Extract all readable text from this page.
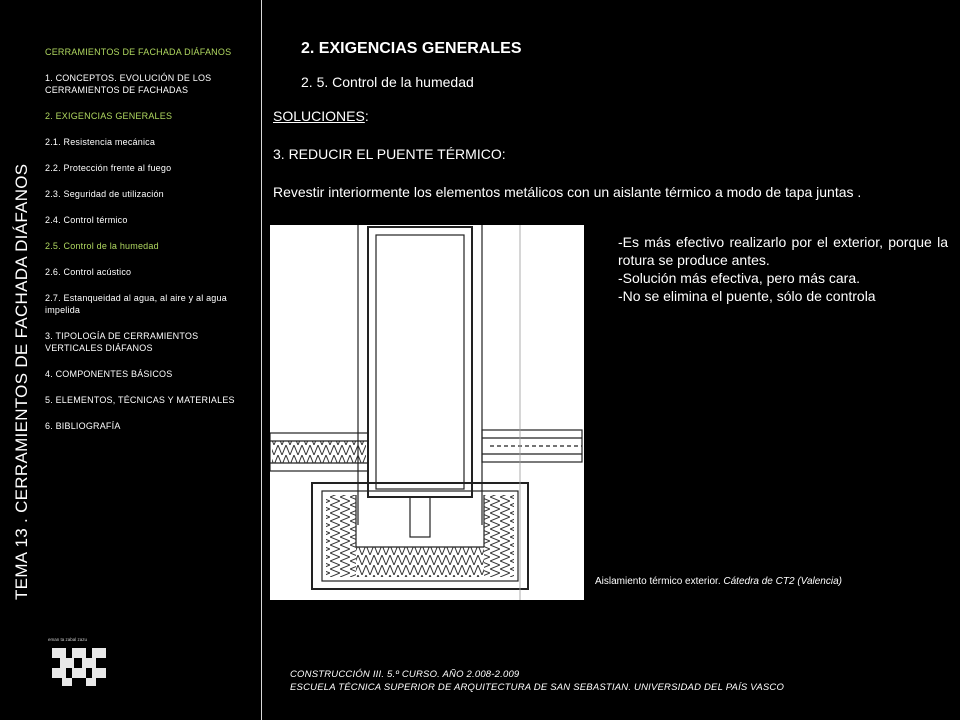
TEMA 13 . CERRAMIENTOS DE FACHADA DIÁFANOS
CERRAMIENTOS DE FACHADA DIÁFANOS
1. CONCEPTOS. EVOLUCIÓN DE LOS CERRAMIENTOS DE FACHADAS
2. EXIGENCIAS GENERALES
2.1. Resistencia mecánica
2.2. Protección frente al fuego
2.3. Seguridad de utilización
2.4. Control térmico
2.5. Control de la humedad
2.6. Control acústico
2.7. Estanqueidad al agua, al aire y al agua impelida
3. TIPOLOGÍA DE CERRAMIENTOS VERTICALES DIÁFANOS
4. COMPONENTES BÁSICOS
5. ELEMENTOS, TÉCNICAS Y MATERIALES
6. BIBLIOGRAFÍA
eman ta zabal zazu
2. EXIGENCIAS GENERALES
2. 5. Control de la humedad
SOLUCIONES:
3. REDUCIR EL PUENTE TÉRMICO:
Revestir interiormente los elementos metálicos con un aislante térmico a modo de tapa juntas .
-Es más efectivo realizarlo por el exterior, porque la rotura se produce antes.
-Solución más efectiva, pero más cara.
-No se elimina el puente, sólo de controla
Aislamiento térmico exterior. Cátedra de CT2 (Valencia)
CONSTRUCCIÓN III. 5.º CURSO. AÑO 2.008-2.009
ESCUELA TÉCNICA SUPERIOR DE ARQUITECTURA DE SAN SEBASTIAN. UNIVERSIDAD DEL PAÍS VASCO
